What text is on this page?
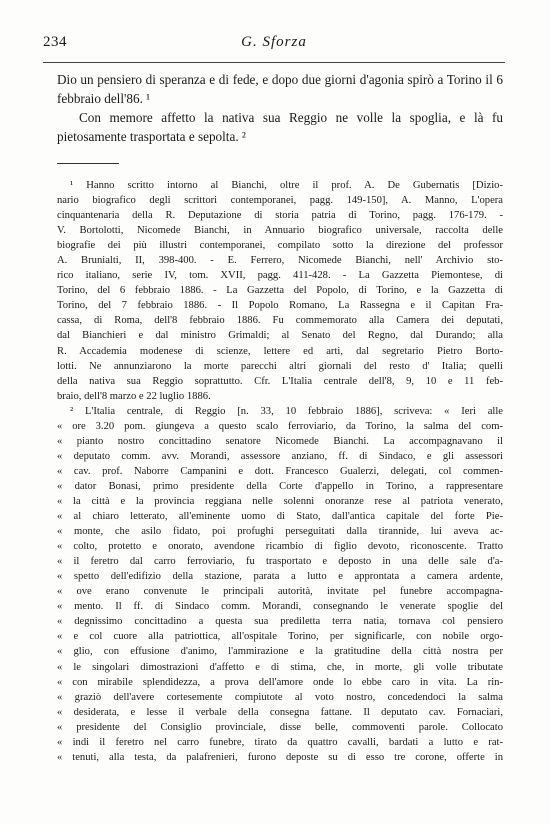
234	G. Sforza

Dio un pensiero di speranza e di fede, e dopo due giorni d'agonia spirò a Torino il 6 febbraio dell'86. ¹

Con memore affetto la nativa sua Reggio ne volle la spoglia, e là fu pietosamente trasportata e sepolta. ²

¹ Hanno scritto intorno al Bianchi, oltre il prof. A. De Gubernatis [Dizio-
nario biografico degli scrittori contemporanei, pagg. 149-150], A. Manno, L'opera
cinquantenaria della R. Deputazione di storia patria di Torino, pagg. 176-179. -
V. Bortolotti, Nicomede Bianchi, in Annuario biografico universale, raccolta delle
biografie dei più illustri contemporanei, compilato sotto la direzione del professor
A. Brunialti, II, 398-400. - E. Ferrero, Nicomede Bianchi, nell' Archivio sto-
rico italiano, serie IV, tom. XVII, pagg. 411-428. - La Gazzetta Piemontese, di
Torino, del 6 febbraio 1886. - La Gazzetta del Popolo, di Torino, e la Gazzetta di
Torino, del 7 febbraio 1886. - Il Popolo Romano, La Rassegna e il Capitan Fra-
cassa, di Roma, dell'8 febbraio 1886. Fu commemorato alla Camera dei deputati,
dal Bianchieri e dal ministro Grimaldi; al Senato del Regno, dal Durando; alla
R. Accademia modenese di scienze, lettere ed arti, dal segretario Pietro Borto-
lotti. Ne annunziarono la morte parecchi altri giornali del resto d' Italia; quelli
della nativa sua Reggio soprattutto. Cfr. L'Italia centrale dell'8, 9, 10 e 11 feb-
braio, dell'8 marzo e 22 luglio 1886.
² L'Italia centrale, di Reggio [n. 33, 10 febbraio 1886], scriveva: « Ieri alle
« ore 3.20 pom. giungeva a questo scalo ferroviario, da Torino, la salma del com-
« pianto nostro concittadino senatore Nicomede Bianchi. La accompagnavano il
« deputato comm. avv. Morandi, assessore anziano, ff. di Sindaco, e gli assessori
« cav. prof. Naborre Campanini e dott. Francesco Gualerzi, delegati, col commen-
« dator Bonasi, primo presidente della Corte d'appello in Torino, a rappresentare
« la città e la provincia reggiana nelle solenni onoranze rese al patriota venerato,
« al chiaro letterato, all'eminente uomo di Stato, dall'antica capitale del forte Pie-
« monte, che asilo fidato, poi profughi perseguitati dalla tirannide, lui aveva ac-
« colto, protetto e onorato, avendone ricambio di figlio devoto, riconoscente. Tratto
« il feretro dal carro ferroviario, fu trasportato e deposto in una delle sale d'a-
« spetto dell'edifizio della stazione, parata a lutto e approntata a camera ardente,
« ove erano convenute le principali autorità, invitate pel funebre accompagna-
« mento. Il ff. di Sindaco comm. Morandi, consegnando le venerate spoglie del
« degnissimo concittadino a questa sua prediletta terra natia, tornava col pensiero
« e col cuore alla patriottica, all'ospitale Torino, per significarle, con nobile orgo-
« glio, con effusione d'animo, l'ammirazione e la gratitudine della città nostra per
« le singolari dimostrazioni d'affetto e di stima, che, in morte, gli volle tributate
« con mirabile splendidezza, a prova dell'amore onde lo ebbe caro in vita. La rin-
« graziò dell'avere cortesemente compiutote al voto nostro, concedendoci la salma
« desiderata, e lesse il verbale della consegna fattane. Il deputato cav. Fornaciari,
« presidente del Consiglio provinciale, disse belle, commoventi parole. Collocato
« indi il feretro nel carro funebre, tirato da quattro cavalli, bardati a lutto e rat-
« tenuti, alla testa, da palafrenieri, furono deposte su di esso tre corone, offerte in
